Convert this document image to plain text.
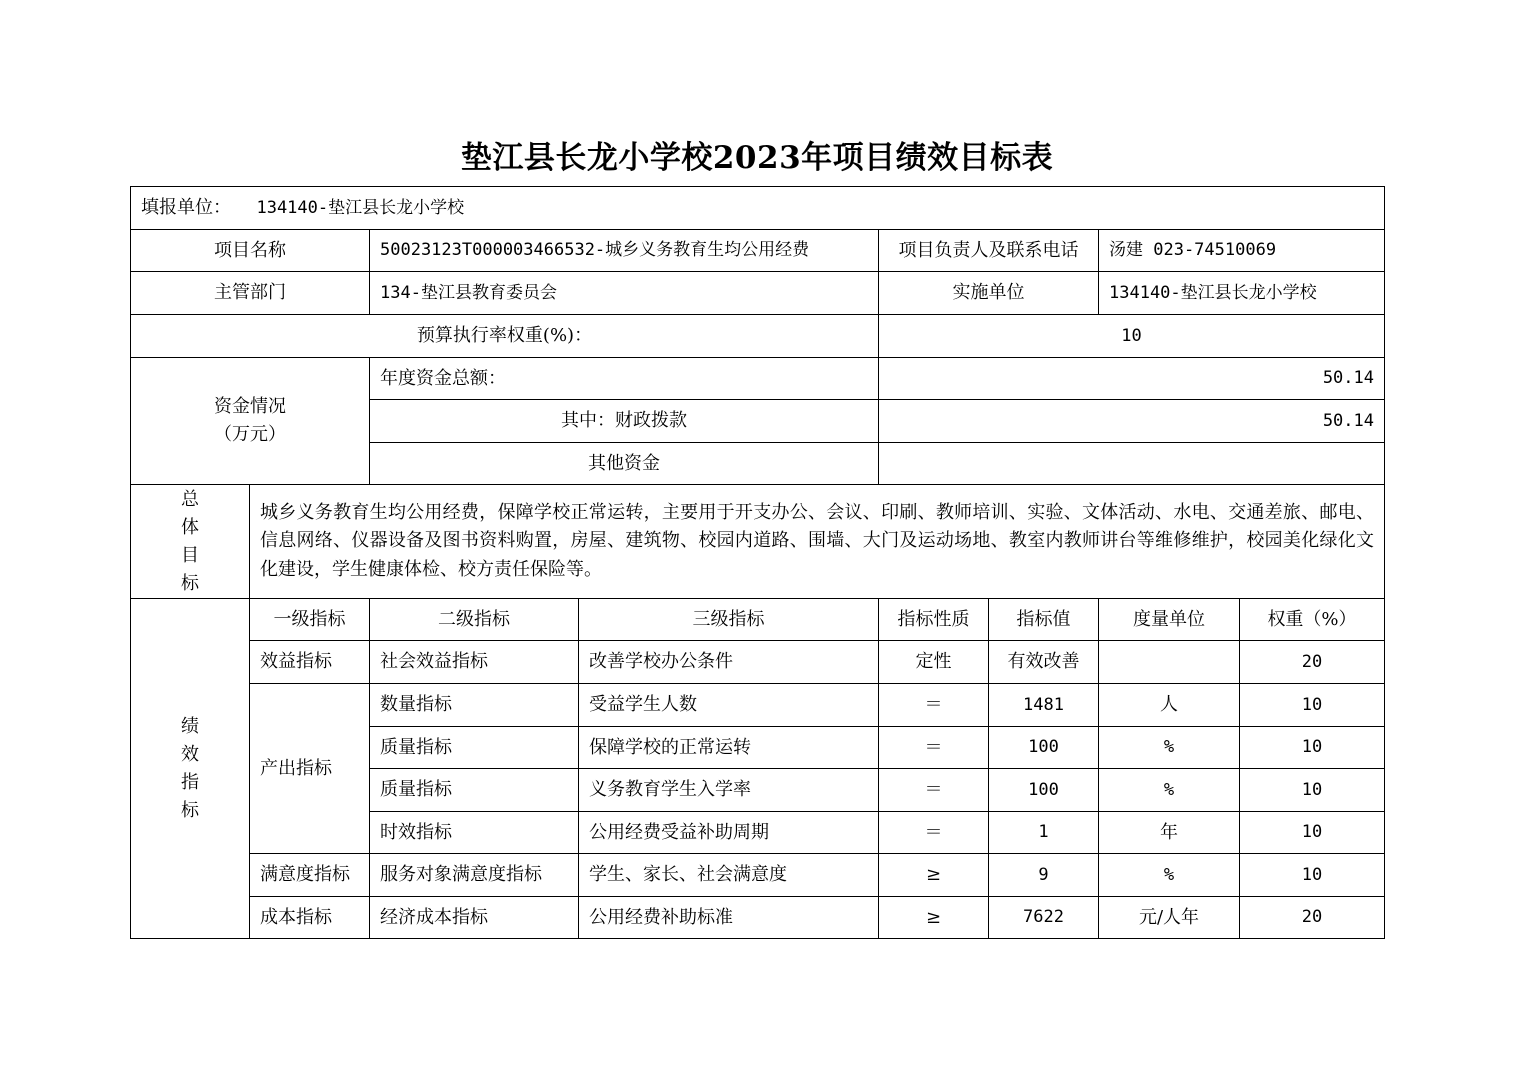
垫江县长龙小学校2023年项目绩效目标表
填报单位： 134140-垫江县长龙小学校							
项目名称		50023123T000003466532-城乡义务教育生均公用经费		项目负责人及联系电话		汤建 023-74510069	
主管部门		134-垫江县教育委员会		实施单位		134140-垫江县长龙小学校	
预算执行率权重(%)：				10			

资金情况
（万元）		年度资金总额：		50.14			
		其中：财政拨款		50.14			
		其他资金					

总
体
目
标	城乡义务教育生均公用经费，保障学校正常运转，主要用于开支办公、会议、印刷、教师培训、实验、文体活动、水电、交通差旅、邮电、信息网络、仪器设备及图书资料购置，房屋、建筑物、校园内道路、围墙、大门及运动场地、教室内教师讲台等维修维护，校园美化绿化文化建设，学生健康体检、校方责任保险等。						

绩
效
指
标	一级指标	二级指标	三级指标	指标性质	指标值	度量单位	权重（%）
	效益指标	社会效益指标	改善学校办公条件	定性	有效改善		20
	产出指标	数量指标	受益学生人数	＝	1481	人	10
		质量指标	保障学校的正常运转	＝	100	%	10
		质量指标	义务教育学生入学率	＝	100	%	10
		时效指标	公用经费受益补助周期	＝	1	年	10
	满意度指标	服务对象满意度指标	学生、家长、社会满意度	≥	9	%	10
	成本指标	经济成本指标	公用经费补助标准	≥	7622	元/人年	20
